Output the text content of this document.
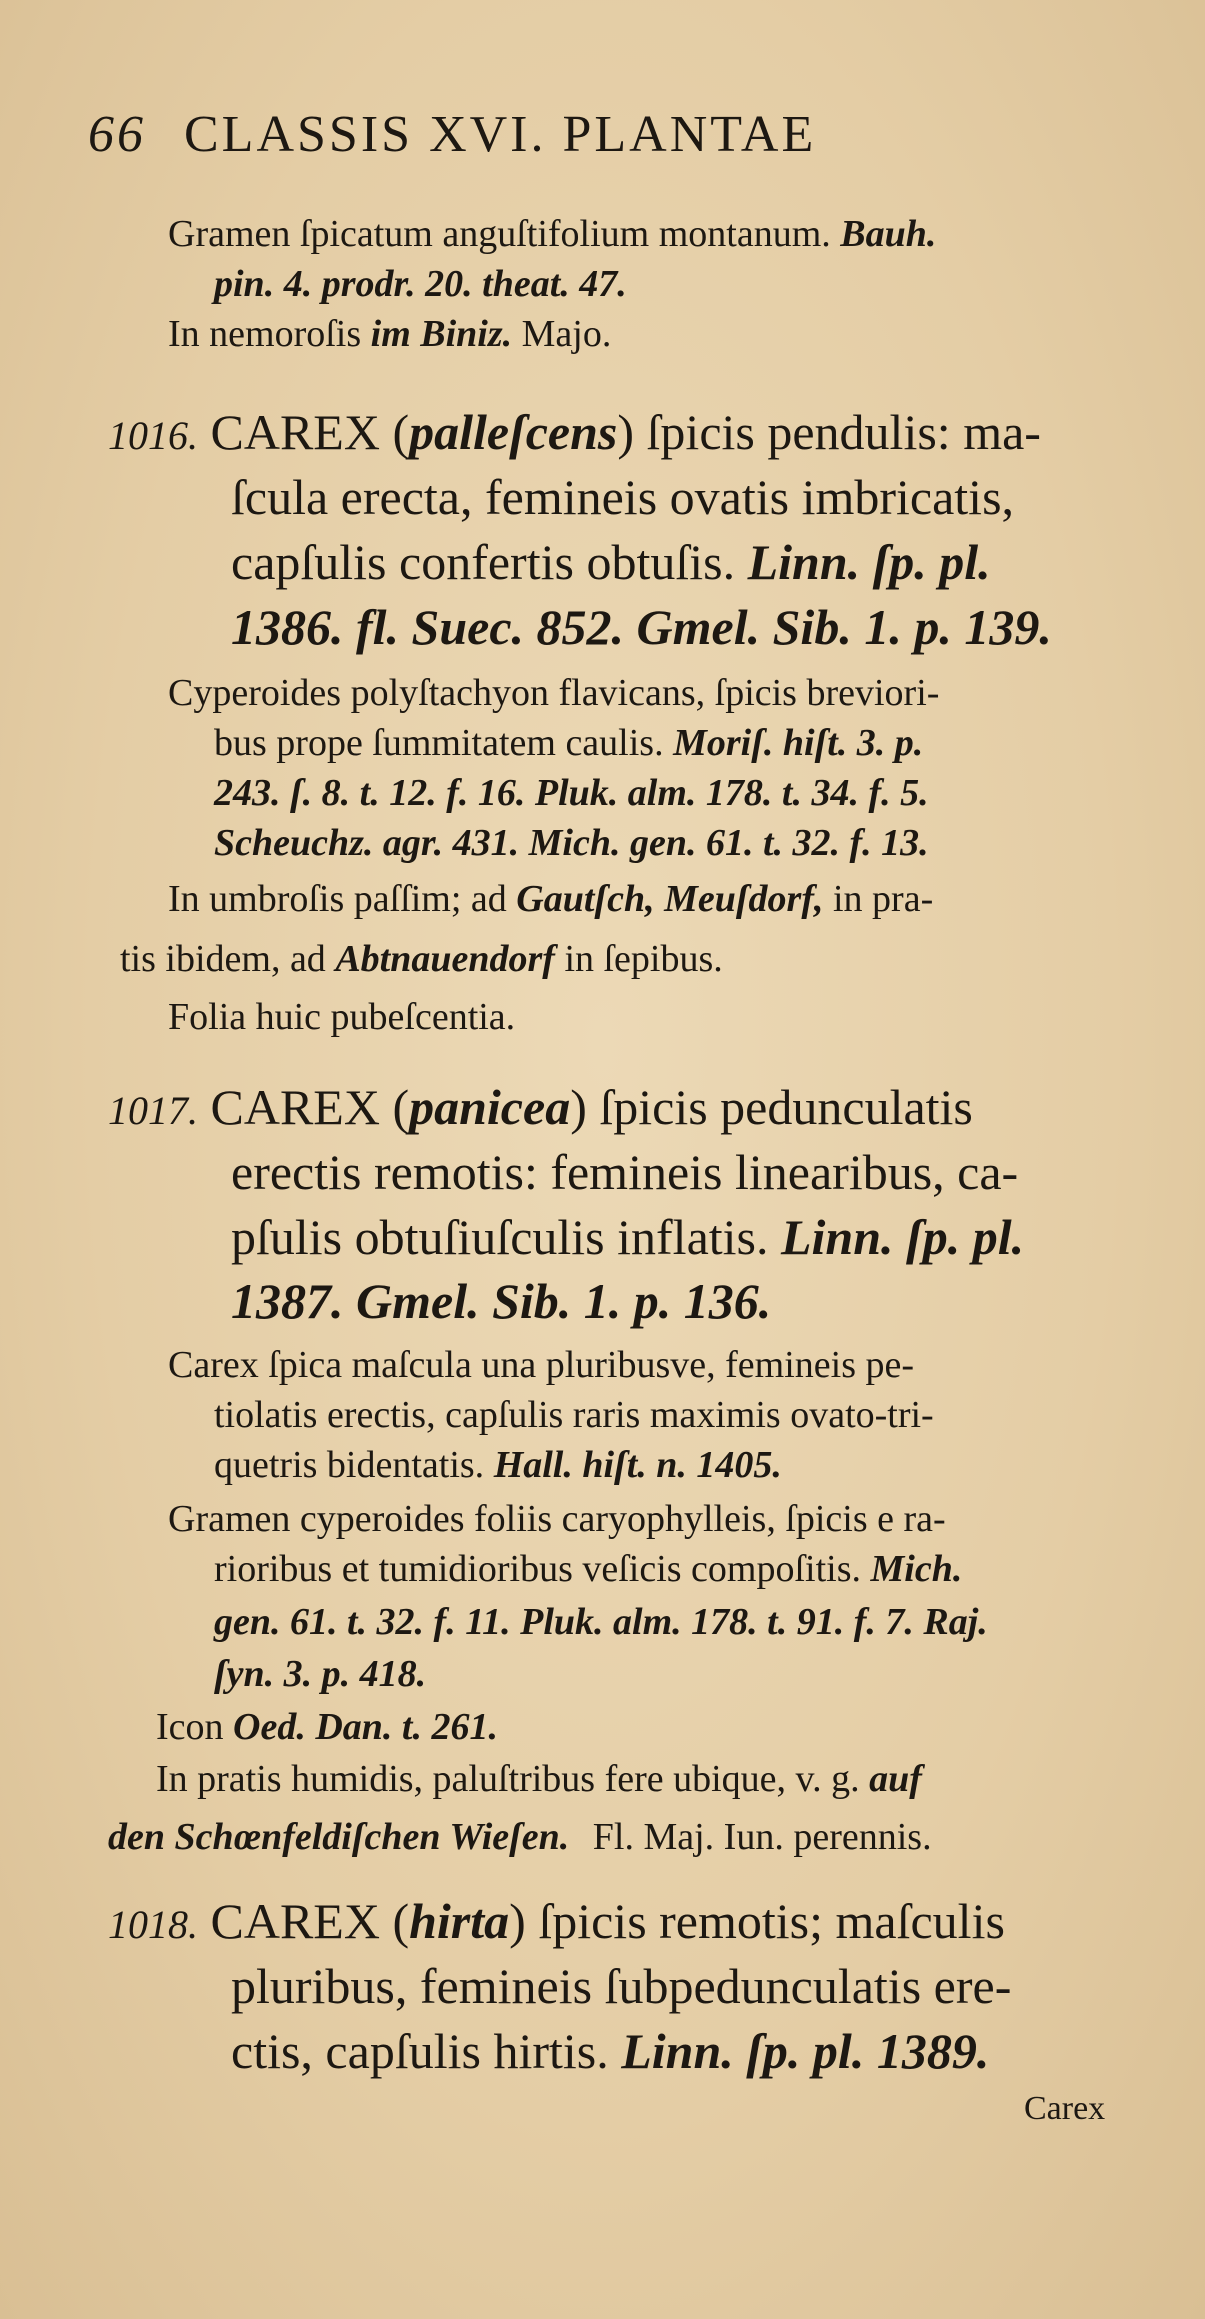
66 CLASSIS XVI. PLANTAE
Gramen ſpicatum anguſtifolium montanum. Bauh.
pin. 4. prodr. 20. theat. 47.
In nemoroſis im Biniz. Majo.
1016. CAREX (palleſcens) ſpicis pendulis: ma-
ſcula erecta, femineis ovatis imbricatis,
capſulis confertis obtuſis. Linn. ſp. pl.
1386. fl. Suec. 852. Gmel. Sib. 1. p. 139.
Cyperoides polyſtachyon flavicans, ſpicis breviori-
bus prope ſummitatem caulis. Moriſ. hiſt. 3. p.
243. ſ. 8. t. 12. f. 16. Pluk. alm. 178. t. 34. f. 5.
Scheuchz. agr. 431. Mich. gen. 61. t. 32. f. 13.
In umbroſis paſſim; ad Gautſch, Meuſdorf, in pra-
tis ibidem, ad Abtnauendorf in ſepibus.
Folia huic pubeſcentia.
1017. CAREX (panicea) ſpicis pedunculatis
erectis remotis: femineis linearibus, ca-
pſulis obtuſiuſculis inflatis. Linn. ſp. pl.
1387. Gmel. Sib. 1. p. 136.
Carex ſpica maſcula una pluribusve, femineis pe-
tiolatis erectis, capſulis raris maximis ovato-tri-
quetris bidentatis. Hall. hiſt. n. 1405.
Gramen cyperoides foliis caryophylleis, ſpicis e ra-
rioribus et tumidioribus veſicis compoſitis. Mich.
gen. 61. t. 32. f. 11. Pluk. alm. 178. t. 91. f. 7. Raj.
ſyn. 3. p. 418.
Icon Oed. Dan. t. 261.
In pratis humidis, paluſtribus fere ubique, v. g. auf
den Schœnfeldiſchen Wieſen. Fl. Maj. Iun. perennis.
1018. CAREX (hirta) ſpicis remotis; maſculis
pluribus, femineis ſubpedunculatis ere-
ctis, capſulis hirtis. Linn. ſp. pl. 1389.
Carex
